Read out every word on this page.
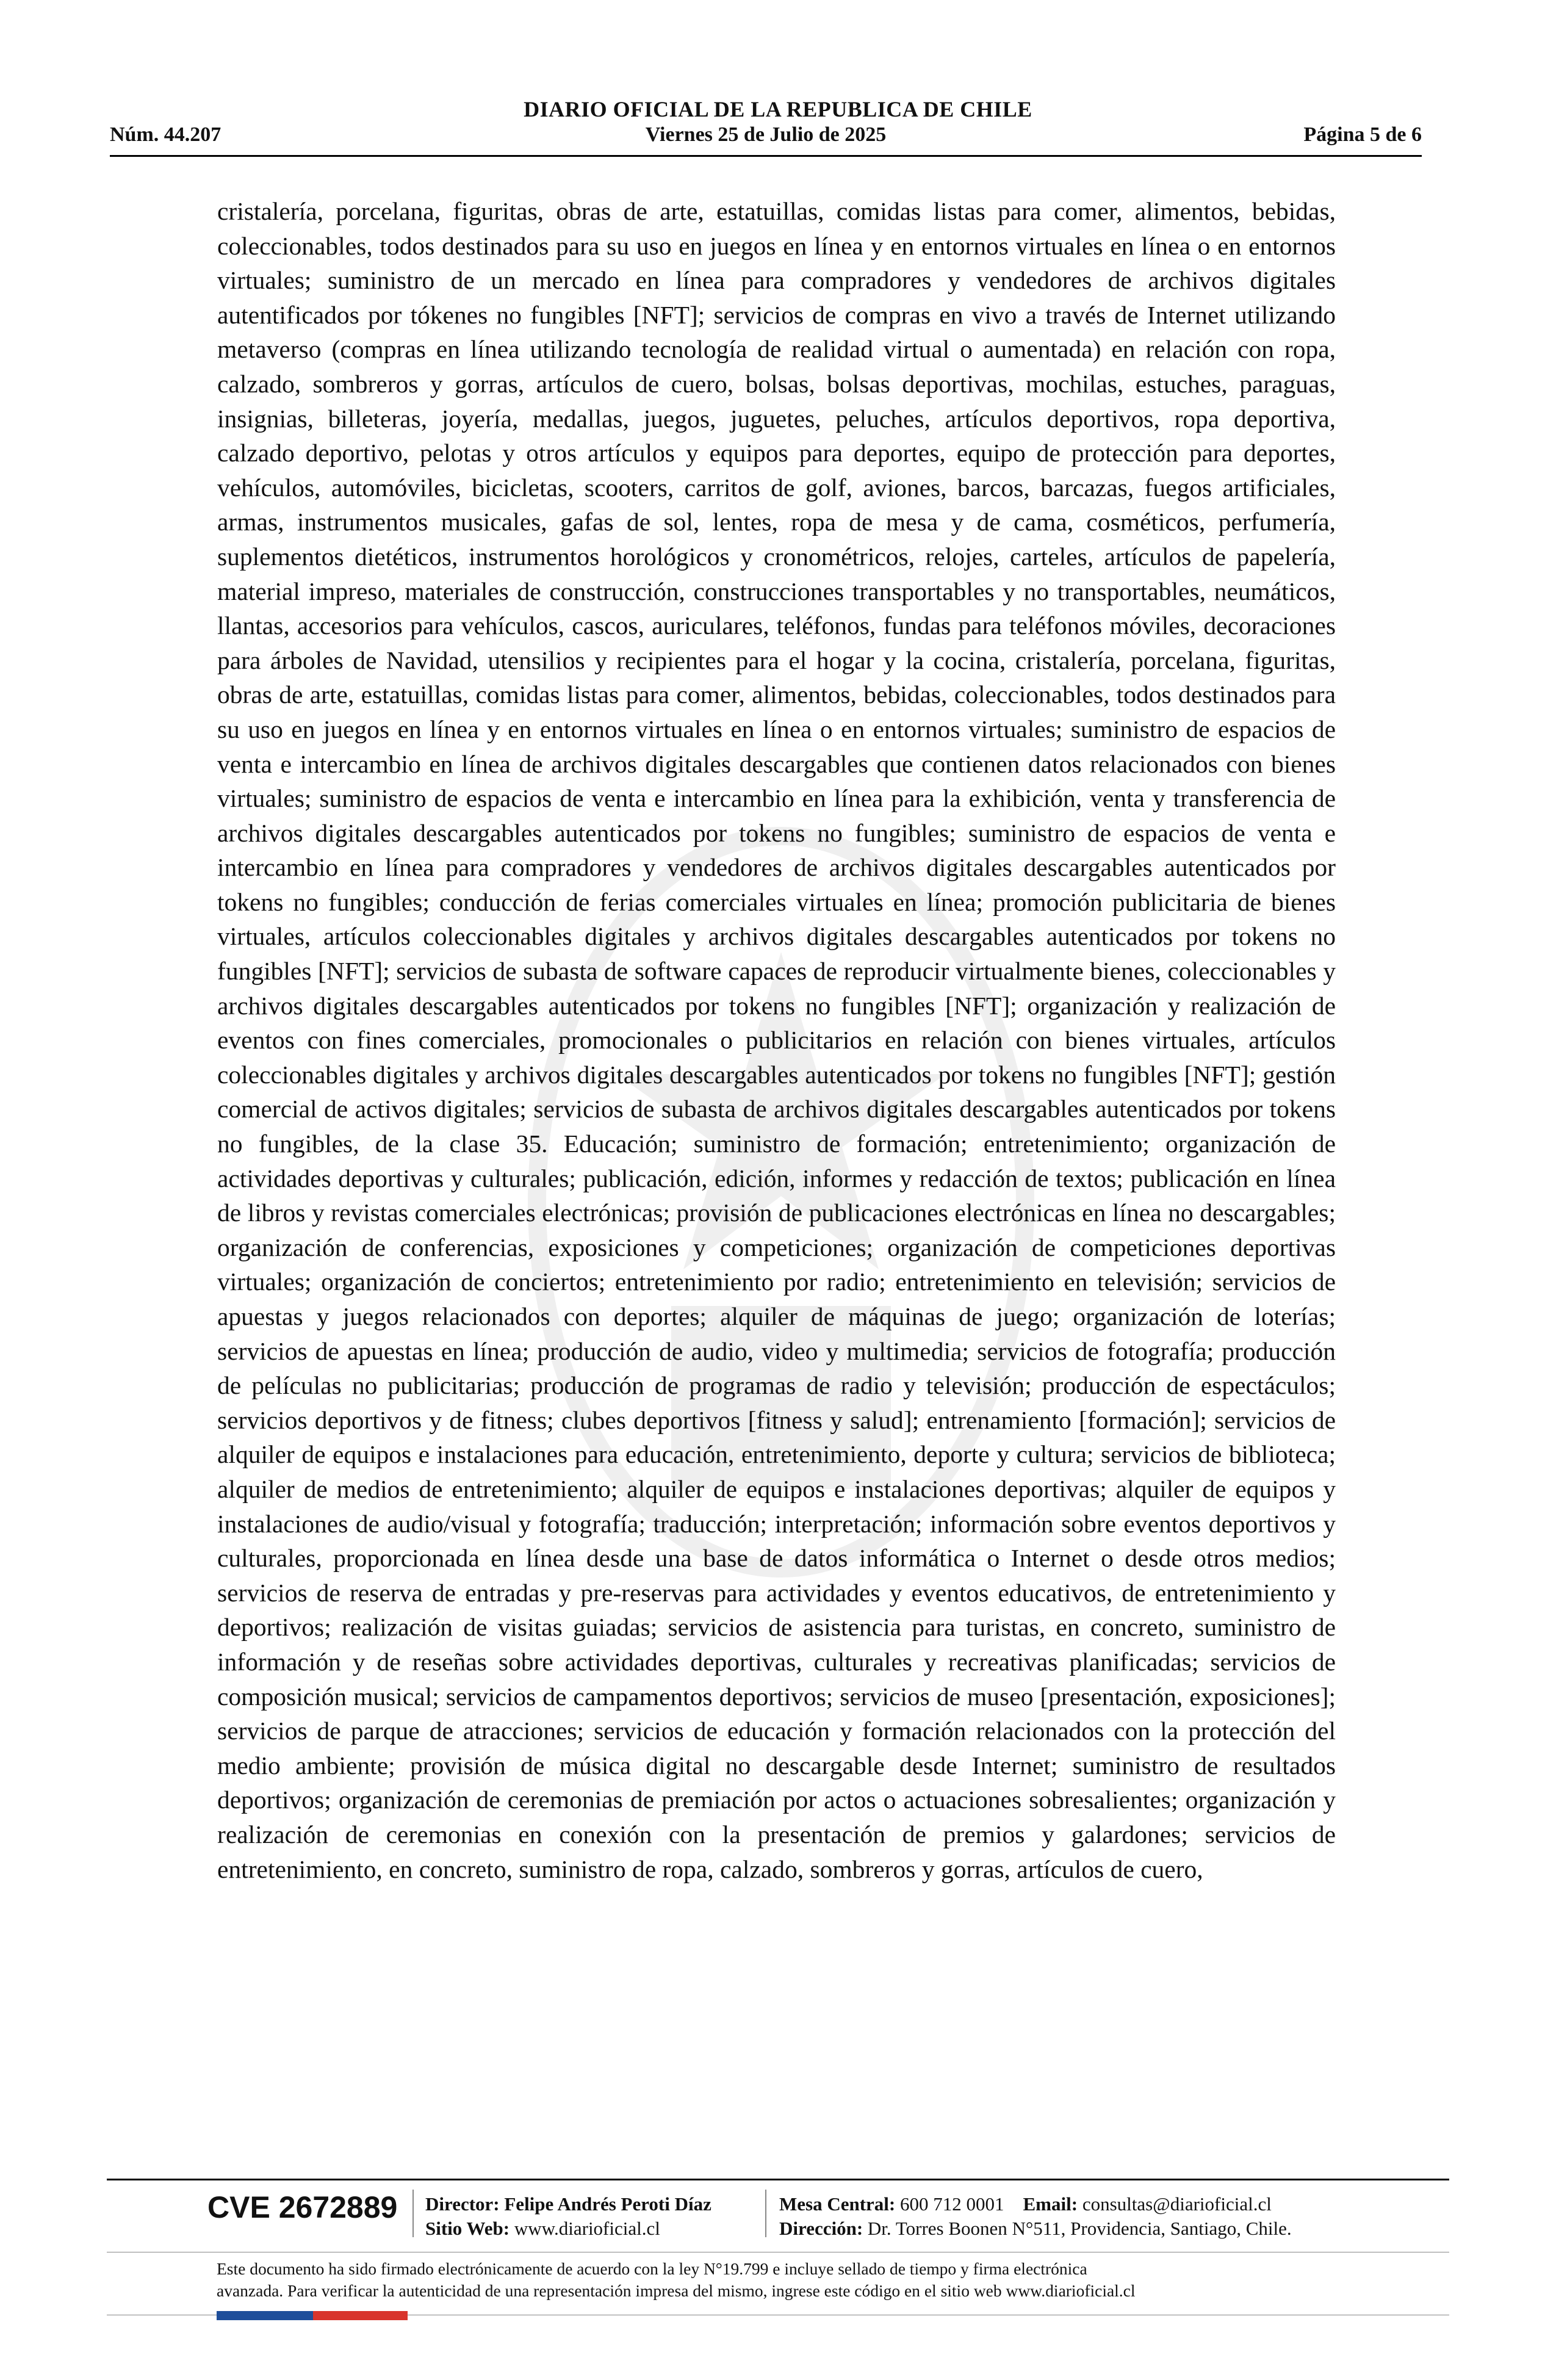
DIARIO OFICIAL DE LA REPUBLICA DE CHILE
Núm. 44.207	Viernes 25 de Julio de 2025	Página 5 de 6

cristalería, porcelana, figuritas, obras de arte, estatuillas, comidas listas para comer, alimentos, bebidas, coleccionables, todos destinados para su uso en juegos en línea y en entornos virtuales en línea o en entornos virtuales; suministro de un mercado en línea para compradores y vendedores de archivos digitales autentificados por tókenes no fungibles [NFT]; servicios de compras en vivo a través de Internet utilizando metaverso (compras en línea utilizando tecnología de realidad virtual o aumentada) en relación con ropa, calzado, sombreros y gorras, artículos de cuero, bolsas, bolsas deportivas, mochilas, estuches, paraguas, insignias, billeteras, joyería, medallas, juegos, juguetes, peluches, artículos deportivos, ropa deportiva, calzado deportivo, pelotas y otros artículos y equipos para deportes, equipo de protección para deportes, vehículos, automóviles, bicicletas, scooters, carritos de golf, aviones, barcos, barcazas, fuegos artificiales, armas, instrumentos musicales, gafas de sol, lentes, ropa de mesa y de cama, cosméticos, perfumería, suplementos dietéticos, instrumentos horológicos y cronométricos, relojes, carteles, artículos de papelería, material impreso, materiales de construcción, construcciones transportables y no transportables, neumáticos, llantas, accesorios para vehículos, cascos, auriculares, teléfonos, fundas para teléfonos móviles, decoraciones para árboles de Navidad, utensilios y recipientes para el hogar y la cocina, cristalería, porcelana, figuritas, obras de arte, estatuillas, comidas listas para comer, alimentos, bebidas, coleccionables, todos destinados para su uso en juegos en línea y en entornos virtuales en línea o en entornos virtuales; suministro de espacios de venta e intercambio en línea de archivos digitales descargables que contienen datos relacionados con bienes virtuales; suministro de espacios de venta e intercambio en línea para la exhibición, venta y transferencia de archivos digitales descargables autenticados por tokens no fungibles; suministro de espacios de venta e intercambio en línea para compradores y vendedores de archivos digitales descargables autenticados por tokens no fungibles; conducción de ferias comerciales virtuales en línea; promoción publicitaria de bienes virtuales, artículos coleccionables digitales y archivos digitales descargables autenticados por tokens no fungibles [NFT]; servicios de subasta de software capaces de reproducir virtualmente bienes, coleccionables y archivos digitales descargables autenticados por tokens no fungibles [NFT]; organización y realización de eventos con fines comerciales, promocionales o publicitarios en relación con bienes virtuales, artículos coleccionables digitales y archivos digitales descargables autenticados por tokens no fungibles [NFT]; gestión comercial de activos digitales; servicios de subasta de archivos digitales descargables autenticados por tokens no fungibles, de la clase 35. Educación; suministro de formación; entretenimiento; organización de actividades deportivas y culturales; publicación, edición, informes y redacción de textos; publicación en línea de libros y revistas comerciales electrónicas; provisión de publicaciones electrónicas en línea no descargables; organización de conferencias, exposiciones y competiciones; organización de competiciones deportivas virtuales; organización de conciertos; entretenimiento por radio; entretenimiento en televisión; servicios de apuestas y juegos relacionados con deportes; alquiler de máquinas de juego; organización de loterías; servicios de apuestas en línea; producción de audio, video y multimedia; servicios de fotografía; producción de películas no publicitarias; producción de programas de radio y televisión; producción de espectáculos; servicios deportivos y de fitness; clubes deportivos [fitness y salud]; entrenamiento [formación]; servicios de alquiler de equipos e instalaciones para educación, entretenimiento, deporte y cultura; servicios de biblioteca; alquiler de medios de entretenimiento; alquiler de equipos e instalaciones deportivas; alquiler de equipos y instalaciones de audio/visual y fotografía; traducción; interpretación; información sobre eventos deportivos y culturales, proporcionada en línea desde una base de datos informática o Internet o desde otros medios; servicios de reserva de entradas y pre-reservas para actividades y eventos educativos, de entretenimiento y deportivos; realización de visitas guiadas; servicios de asistencia para turistas, en concreto, suministro de información y de reseñas sobre actividades deportivas, culturales y recreativas planificadas; servicios de composición musical; servicios de campamentos deportivos; servicios de museo [presentación, exposiciones]; servicios de parque de atracciones; servicios de educación y formación relacionados con la protección del medio ambiente; provisión de música digital no descargable desde Internet; suministro de resultados deportivos; organización de ceremonias de premiación por actos o actuaciones sobresalientes; organización y realización de ceremonias en conexión con la presentación de premios y galardones; servicios de entretenimiento, en concreto, suministro de ropa, calzado, sombreros y gorras, artículos de cuero,

CVE 2672889 Director: Felipe Andrés Peroti Díaz
Sitio Web: www.diarioficial.cl
Mesa Central: 600 712 0001 Email: consultas@diarioficial.cl
Dirección: Dr. Torres Boonen N°511, Providencia, Santiago, Chile.
Este documento ha sido firmado electrónicamente de acuerdo con la ley N°19.799 e incluye sellado de tiempo y firma electrónica
avanzada. Para verificar la autenticidad de una representación impresa del mismo, ingrese este código en el sitio web www.diarioficial.cl
